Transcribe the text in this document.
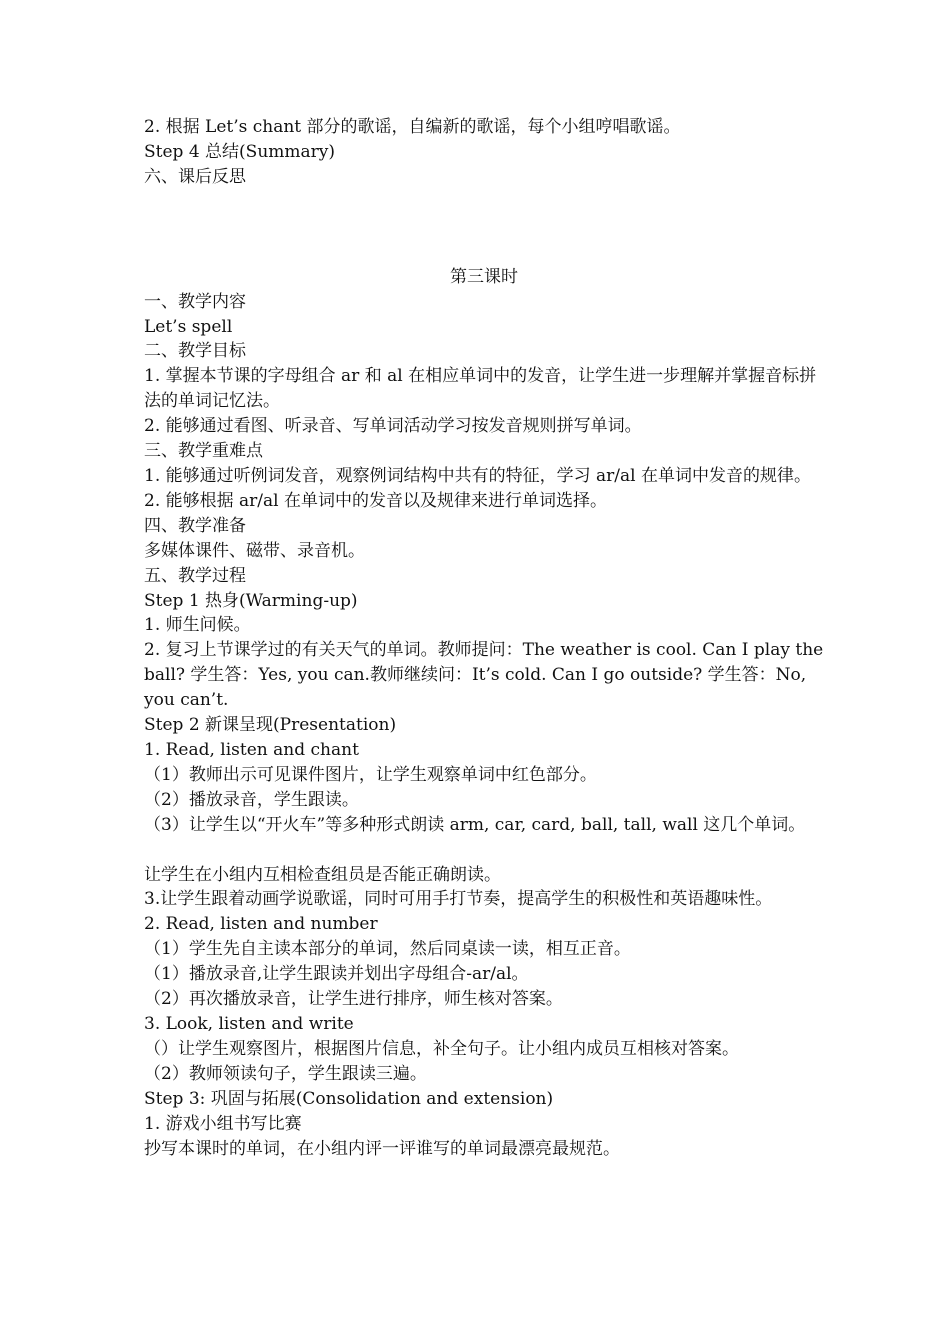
2. 根据 Let’s chant 部分的歌谣，自编新的歌谣，每个小组哼唱歌谣。

Step 4 总结(Summary)

六、课后反思

第三课时

一、教学内容

Let’s spell

二、教学目标

1. 掌握本节课的字母组合 ar 和 al 在相应单词中的发音，让学生进一步理解并掌握音标拼法的单词记忆法。

2. 能够通过看图、听录音、写单词活动学习按发音规则拼写单词。

三、教学重难点

1. 能够通过听例词发音，观察例词结构中共有的特征，学习 ar/al 在单词中发音的规律。

2. 能够根据 ar/al 在单词中的发音以及规律来进行单词选择。

四、教学准备

多媒体课件、磁带、录音机。

五、教学过程

Step 1 热身(Warming-up)

1. 师生问候。

2. 复习上节课学过的有关天气的单词。教师提问：The weather is cool. Can I play the ball? 学生答：Yes, you can.教师继续问：It’s cold. Can I go outside? 学生答：No, you can’t.

Step 2 新课呈现(Presentation)

1. Read, listen and chant

（1）教师出示可见课件图片，让学生观察单词中红色部分。

（2）播放录音，学生跟读。

（3）让学生以“开火车”等多种形式朗读 arm, car, card, ball, tall, wall 这几个单词。

让学生在小组内互相检查组员是否能正确朗读。

3.让学生跟着动画学说歌谣，同时可用手打节奏，提高学生的积极性和英语趣味性。

2. Read, listen and number

（1）学生先自主读本部分的单词，然后同桌读一读，相互正音。

（1）播放录音,让学生跟读并划出字母组合-ar/al。

（2）再次播放录音，让学生进行排序，师生核对答案。

3. Look, listen and write

（）让学生观察图片，根据图片信息，补全句子。让小组内成员互相核对答案。

（2）教师领读句子，学生跟读三遍。

Step 3: 巩固与拓展(Consolidation and extension)

1. 游戏小组书写比赛

抄写本课时的单词，在小组内评一评谁写的单词最漂亮最规范。
